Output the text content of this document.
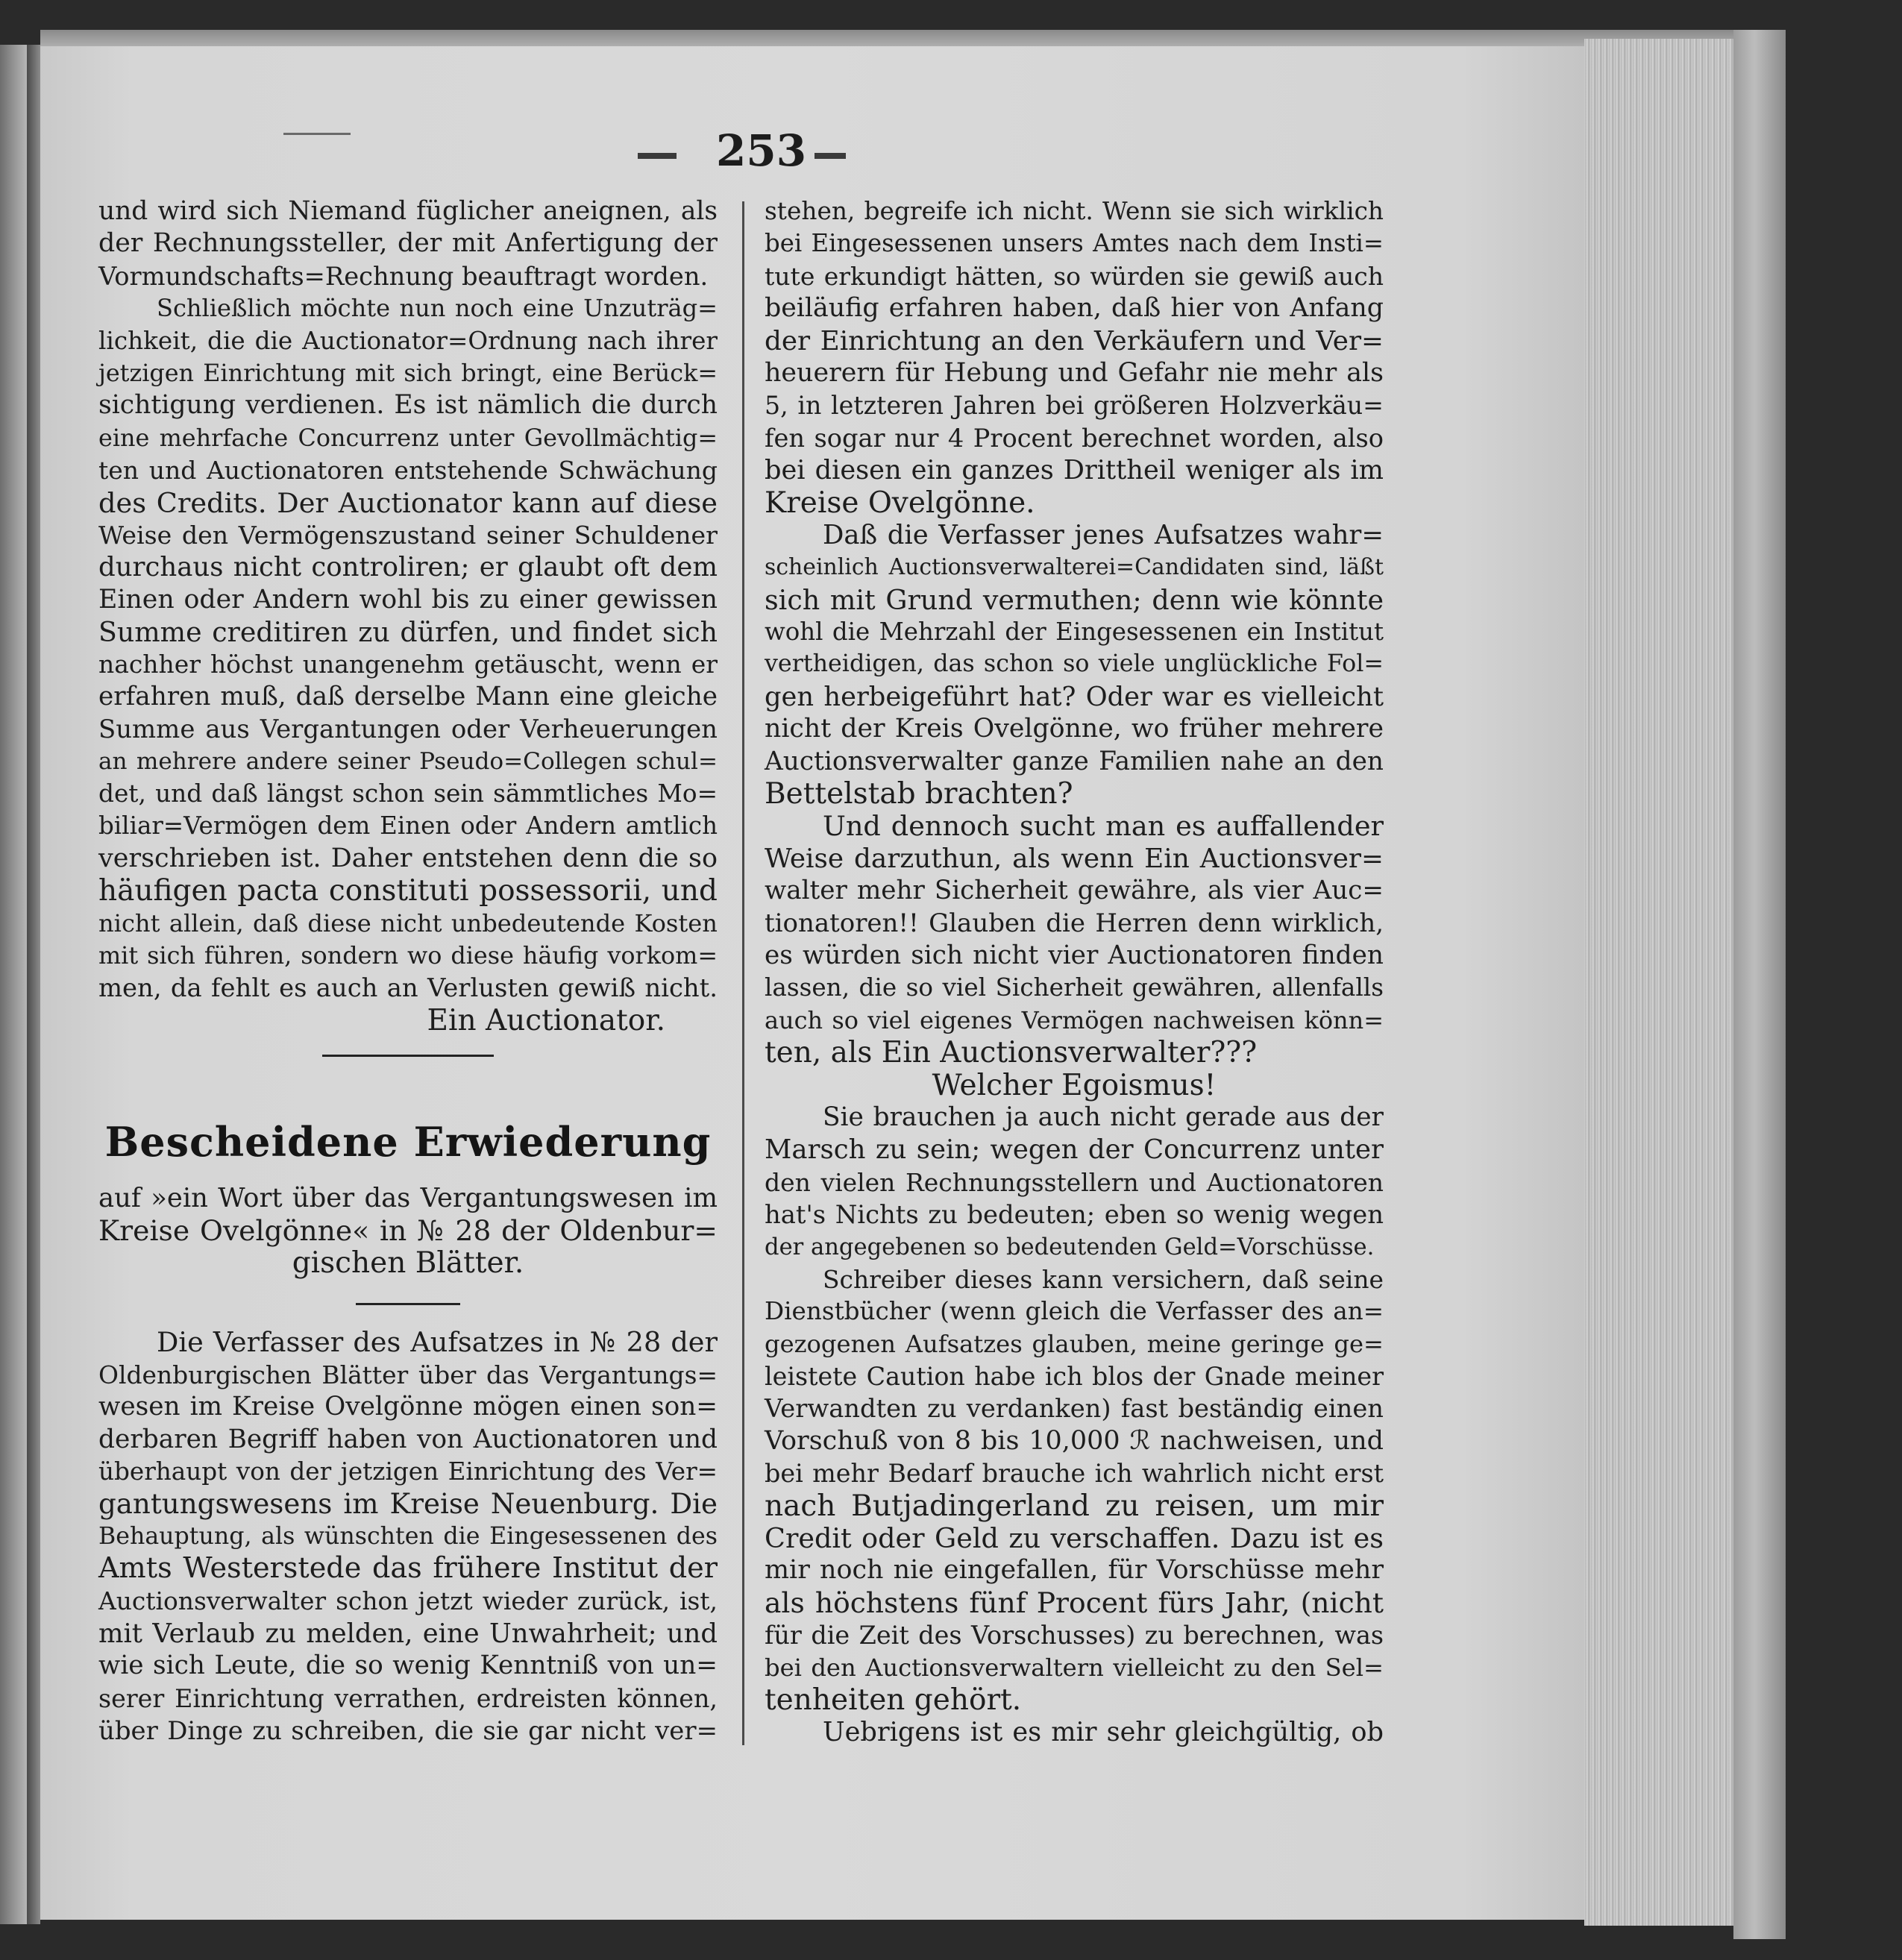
253
und wird sich Niemand füglicher aneignen, als
der Rechnungssteller, der mit Anfertigung der
Vormundschafts=Rechnung beauftragt worden.
Schließlich möchte nun noch eine Unzuträg=
lichkeit, die die Auctionator=Ordnung nach ihrer
jetzigen Einrichtung mit sich bringt, eine Berück=
sichtigung verdienen. Es ist nämlich die durch
eine mehrfache Concurrenz unter Gevollmächtig=
ten und Auctionatoren entstehende Schwächung
des Credits. Der Auctionator kann auf diese
Weise den Vermögenszustand seiner Schuldener
durchaus nicht controliren; er glaubt oft dem
Einen oder Andern wohl bis zu einer gewissen
Summe creditiren zu dürfen, und findet sich
nachher höchst unangenehm getäuscht, wenn er
erfahren muß, daß derselbe Mann eine gleiche
Summe aus Vergantungen oder Verheuerungen
an mehrere andere seiner Pseudo=Collegen schul=
det, und daß längst schon sein sämmtliches Mo=
biliar=Vermögen dem Einen oder Andern amtlich
verschrieben ist. Daher entstehen denn die so
häufigen pacta constituti possessorii, und
nicht allein, daß diese nicht unbedeutende Kosten
mit sich führen, sondern wo diese häufig vorkom=
men, da fehlt es auch an Verlusten gewiß nicht.
Ein Auctionator.
Bescheidene Erwiederung
auf »ein Wort über das Vergantungswesen im
Kreise Ovelgönne« in № 28 der Oldenbur=
gischen Blätter.
Die Verfasser des Aufsatzes in № 28 der
Oldenburgischen Blätter über das Vergantungs=
wesen im Kreise Ovelgönne mögen einen son=
derbaren Begriff haben von Auctionatoren und
überhaupt von der jetzigen Einrichtung des Ver=
gantungswesens im Kreise Neuenburg. Die
Behauptung, als wünschten die Eingesessenen des
Amts Westerstede das frühere Institut der
Auctionsverwalter schon jetzt wieder zurück, ist,
mit Verlaub zu melden, eine Unwahrheit; und
wie sich Leute, die so wenig Kenntniß von un=
serer Einrichtung verrathen, erdreisten können,
über Dinge zu schreiben, die sie gar nicht ver=
stehen, begreife ich nicht. Wenn sie sich wirklich
bei Eingesessenen unsers Amtes nach dem Insti=
tute erkundigt hätten, so würden sie gewiß auch
beiläufig erfahren haben, daß hier von Anfang
der Einrichtung an den Verkäufern und Ver=
heuerern für Hebung und Gefahr nie mehr als
5, in letzteren Jahren bei größeren Holzverkäu=
fen sogar nur 4 Procent berechnet worden, also
bei diesen ein ganzes Drittheil weniger als im
Kreise Ovelgönne.
Daß die Verfasser jenes Aufsatzes wahr=
scheinlich Auctionsverwalterei=Candidaten sind, läßt
sich mit Grund vermuthen; denn wie könnte
wohl die Mehrzahl der Eingesessenen ein Institut
vertheidigen, das schon so viele unglückliche Fol=
gen herbeigeführt hat? Oder war es vielleicht
nicht der Kreis Ovelgönne, wo früher mehrere
Auctionsverwalter ganze Familien nahe an den
Bettelstab brachten?
Und dennoch sucht man es auffallender
Weise darzuthun, als wenn Ein Auctionsver=
walter mehr Sicherheit gewähre, als vier Auc=
tionatoren!! Glauben die Herren denn wirklich,
es würden sich nicht vier Auctionatoren finden
lassen, die so viel Sicherheit gewähren, allenfalls
auch so viel eigenes Vermögen nachweisen könn=
ten, als Ein Auctionsverwalter???
Welcher Egoismus!
Sie brauchen ja auch nicht gerade aus der
Marsch zu sein; wegen der Concurrenz unter
den vielen Rechnungsstellern und Auctionatoren
hat's Nichts zu bedeuten; eben so wenig wegen
der angegebenen so bedeutenden Geld=Vorschüsse.
Schreiber dieses kann versichern, daß seine
Dienstbücher (wenn gleich die Verfasser des an=
gezogenen Aufsatzes glauben, meine geringe ge=
leistete Caution habe ich blos der Gnade meiner
Verwandten zu verdanken) fast beständig einen
Vorschuß von 8 bis 10,000 ℛ nachweisen, und
bei mehr Bedarf brauche ich wahrlich nicht erst
nach Butjadingerland zu reisen, um mir
Credit oder Geld zu verschaffen. Dazu ist es
mir noch nie eingefallen, für Vorschüsse mehr
als höchstens fünf Procent fürs Jahr, (nicht
für die Zeit des Vorschusses) zu berechnen, was
bei den Auctionsverwaltern vielleicht zu den Sel=
tenheiten gehört.
Uebrigens ist es mir sehr gleichgültig, ob
